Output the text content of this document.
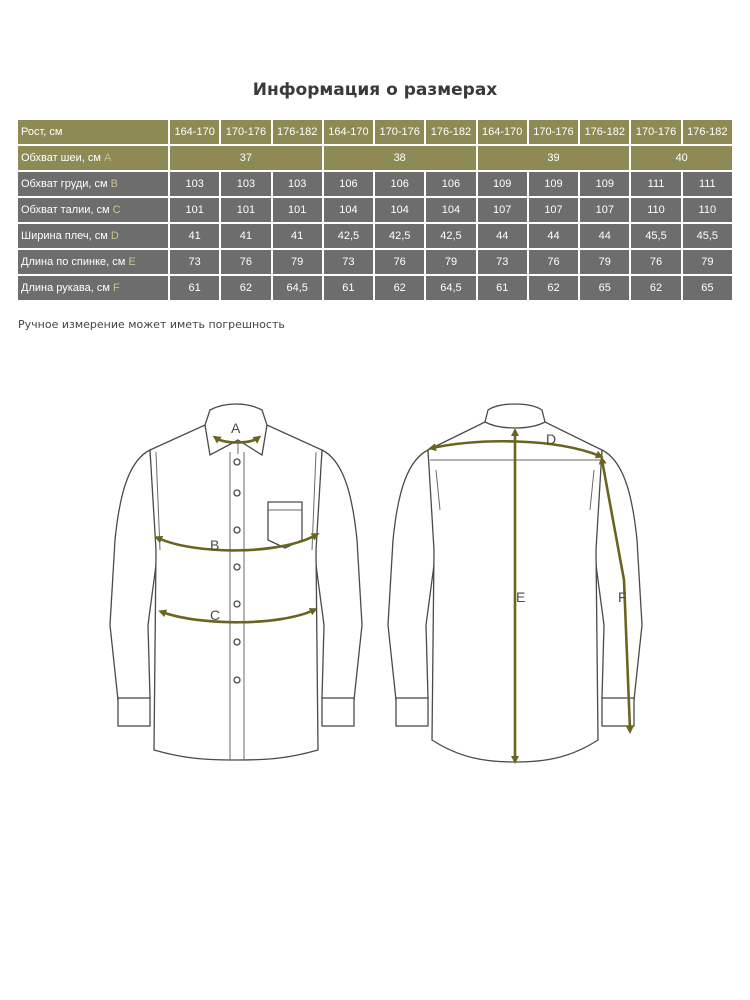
Информация о размерах
Рост, см	164-170	170-176	176-182	164-170	170-176	176-182	164-170	170-176	176-182	170-176	176-182
Обхват шеи, см A	37			38			39			40	
Обхват груди, см B	103	103	103	106	106	106	109	109	109	111	111
Обхват талии, см C	101	101	101	104	104	104	107	107	107	110	110
Ширина плеч, см D	41	41	41	42,5	42,5	42,5	44	44	44	45,5	45,5
Длина по спинке, см E	73	76	79	73	76	79	73	76	79	76	79
Длина рукава, см F	61	62	64,5	61	62	64,5	61	62	65	62	65
Ручное измерение может иметь погрешность
A
B
C
D
E	F
